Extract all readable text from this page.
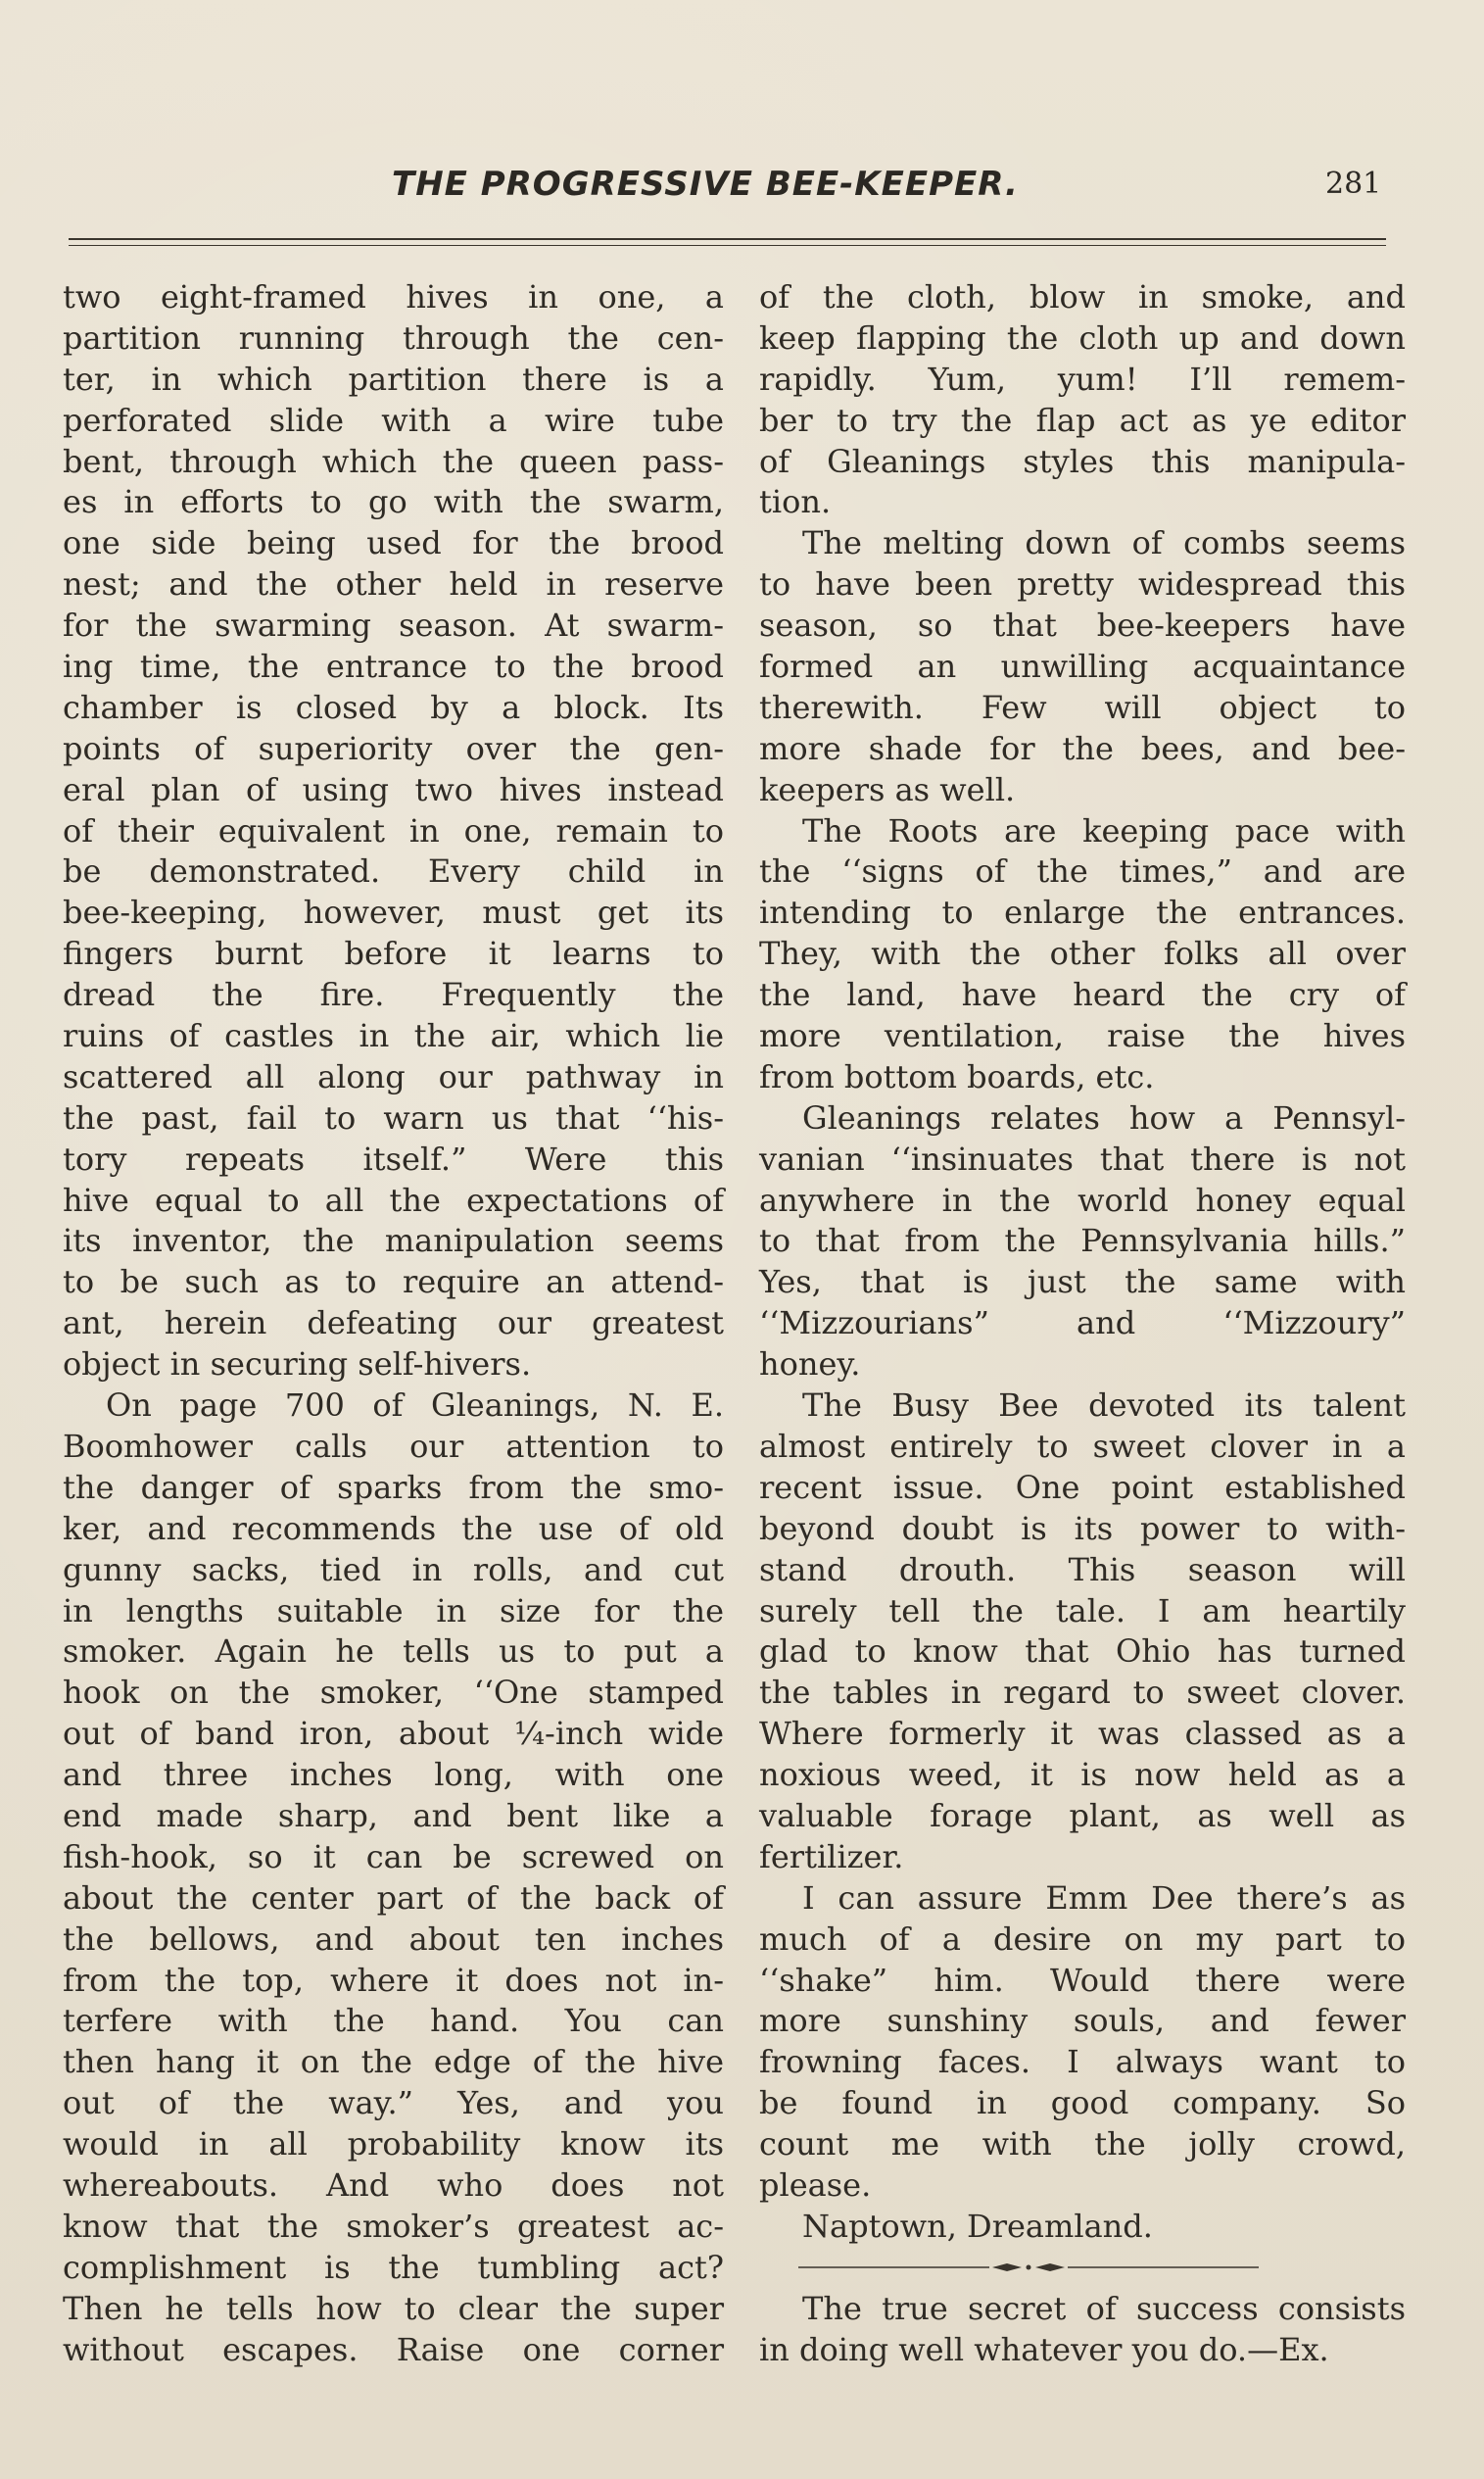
THE PROGRESSIVE BEE-KEEPER.	281
two eight-framed hives in one, a
partition running through the cen-
ter, in which partition there is a
perforated slide with a wire tube
bent, through which the queen pass-
es in efforts to go with the swarm,
one side being used for the brood
nest; and the other held in reserve
for the swarming season. At swarm-
ing time, the entrance to the brood
chamber is closed by a block. Its
points of superiority over the gen-
eral plan of using two hives instead
of their equivalent in one, remain to
be demonstrated. Every child in
bee-keeping, however, must get its
fingers burnt before it learns to
dread the fire. Frequently the
ruins of castles in the air, which lie
scattered all along our pathway in
the past, fail to warn us that ‘‘his-
tory repeats itself.” Were this
hive equal to all the expectations of
its inventor, the manipulation seems
to be such as to require an attend-
ant, herein defeating our greatest
object in securing self-hivers.
On page 700 of Gleanings, N. E.
Boomhower calls our attention to
the danger of sparks from the smo-
ker, and recommends the use of old
gunny sacks, tied in rolls, and cut
in lengths suitable in size for the
smoker. Again he tells us to put a
hook on the smoker, ‘‘One stamped
out of band iron, about ¼-inch wide
and three inches long, with one
end made sharp, and bent like a
fish-hook, so it can be screwed on
about the center part of the back of
the bellows, and about ten inches
from the top, where it does not in-
terfere with the hand. You can
then hang it on the edge of the hive
out of the way.” Yes, and you
would in all probability know its
whereabouts. And who does not
know that the smoker’s greatest ac-
complishment is the tumbling act?
Then he tells how to clear the super
without escapes. Raise one corner
of the cloth, blow in smoke, and
keep flapping the cloth up and down
rapidly. Yum, yum! I’ll remem-
ber to try the flap act as ye editor
of Gleanings styles this manipula-
tion.
The melting down of combs seems
to have been pretty widespread this
season, so that bee-keepers have
formed an unwilling acquaintance
therewith. Few will object to
more shade for the bees, and bee-
keepers as well.
The Roots are keeping pace with
the ‘‘signs of the times,” and are
intending to enlarge the entrances.
They, with the other folks all over
the land, have heard the cry of
more ventilation, raise the hives
from bottom boards, etc.
Gleanings relates how a Pennsyl-
vanian ‘‘insinuates that there is not
anywhere in the world honey equal
to that from the Pennsylvania hills.”
Yes, that is just the same with
‘‘Mizzourians” and ‘‘Mizzoury”
honey.
The Busy Bee devoted its talent
almost entirely to sweet clover in a
recent issue. One point established
beyond doubt is its power to with-
stand drouth. This season will
surely tell the tale. I am heartily
glad to know that Ohio has turned
the tables in regard to sweet clover.
Where formerly it was classed as a
noxious weed, it is now held as a
valuable forage plant, as well as
fertilizer.
I can assure Emm Dee there’s as
much of a desire on my part to
‘‘shake” him. Would there were
more sunshiny souls, and fewer
frowning faces. I always want to
be found in good company. So
count me with the jolly crowd,
please.
Naptown, Dreamland.
The true secret of success consists
in doing well whatever you do.—Ex.
